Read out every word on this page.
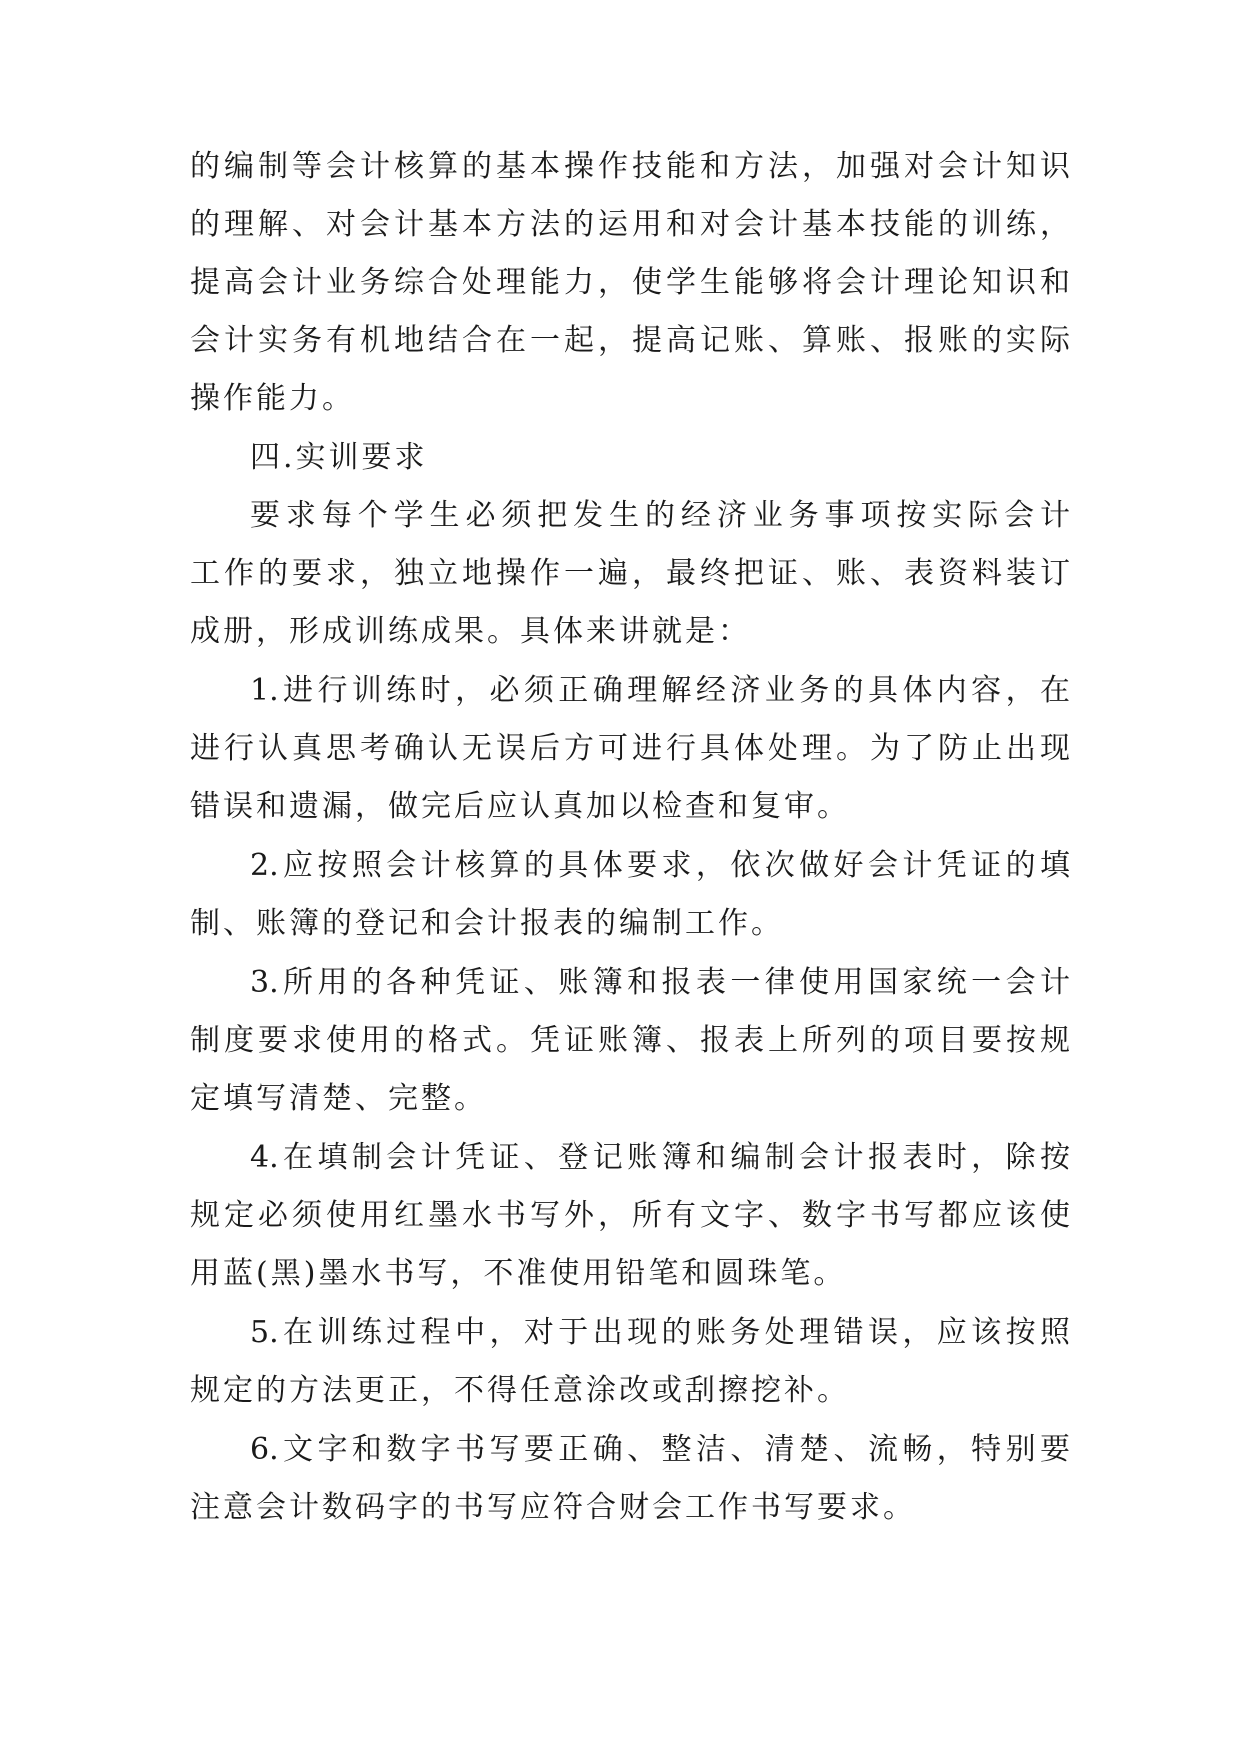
的编制等会计核算的基本操作技能和方法，加强对会计知识
的理解、对会计基本方法的运用和对会计基本技能的训练，
提高会计业务综合处理能力，使学生能够将会计理论知识和
会计实务有机地结合在一起，提高记账、算账、报账的实际
操作能力。
四.实训要求
要求每个学生必须把发生的经济业务事项按实际会计
工作的要求，独立地操作一遍，最终把证、账、表资料装订
成册，形成训练成果。具体来讲就是：
1.进行训练时，必须正确理解经济业务的具体内容，在
进行认真思考确认无误后方可进行具体处理。为了防止出现
错误和遗漏，做完后应认真加以检查和复审。
2.应按照会计核算的具体要求，依次做好会计凭证的填
制、账簿的登记和会计报表的编制工作。
3.所用的各种凭证、账簿和报表一律使用国家统一会计
制度要求使用的格式。凭证账簿、报表上所列的项目要按规
定填写清楚、完整。
4.在填制会计凭证、登记账簿和编制会计报表时，除按
规定必须使用红墨水书写外，所有文字、数字书写都应该使
用蓝(黑)墨水书写，不准使用铅笔和圆珠笔。
5.在训练过程中，对于出现的账务处理错误，应该按照
规定的方法更正，不得任意涂改或刮擦挖补。
6.文字和数字书写要正确、整洁、清楚、流畅，特别要
注意会计数码字的书写应符合财会工作书写要求。
